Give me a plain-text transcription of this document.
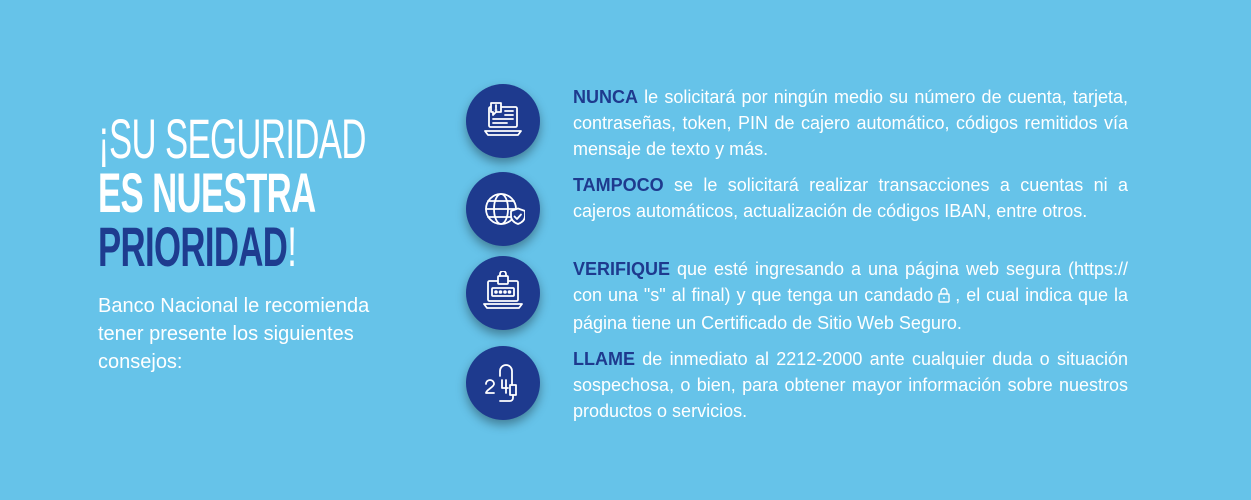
¡SU SEGURIDAD
ES NUESTRA
PRIORIDAD!
Banco Nacional le recomienda tener presente los siguientes consejos:
NUNCA le solicitará por ningún medio su número de cuenta, tarjeta, contraseñas, token, PIN de cajero automático, códigos remitidos vía mensaje de texto y más.
TAMPOCO se le solicitará realizar transacciones a cuentas ni a cajeros automáticos, actualización de códigos IBAN, entre otros.
VERIFIQUE que esté ingresando a una página web segura (https:// con una "s" al final) y que tenga un candado , el cual indica que la página tiene un Certificado de Sitio Web Seguro.
LLAME de inmediato al 2212-2000 ante cualquier duda o situación sospechosa, o bien, para obtener mayor información sobre nuestros productos o servicios.
